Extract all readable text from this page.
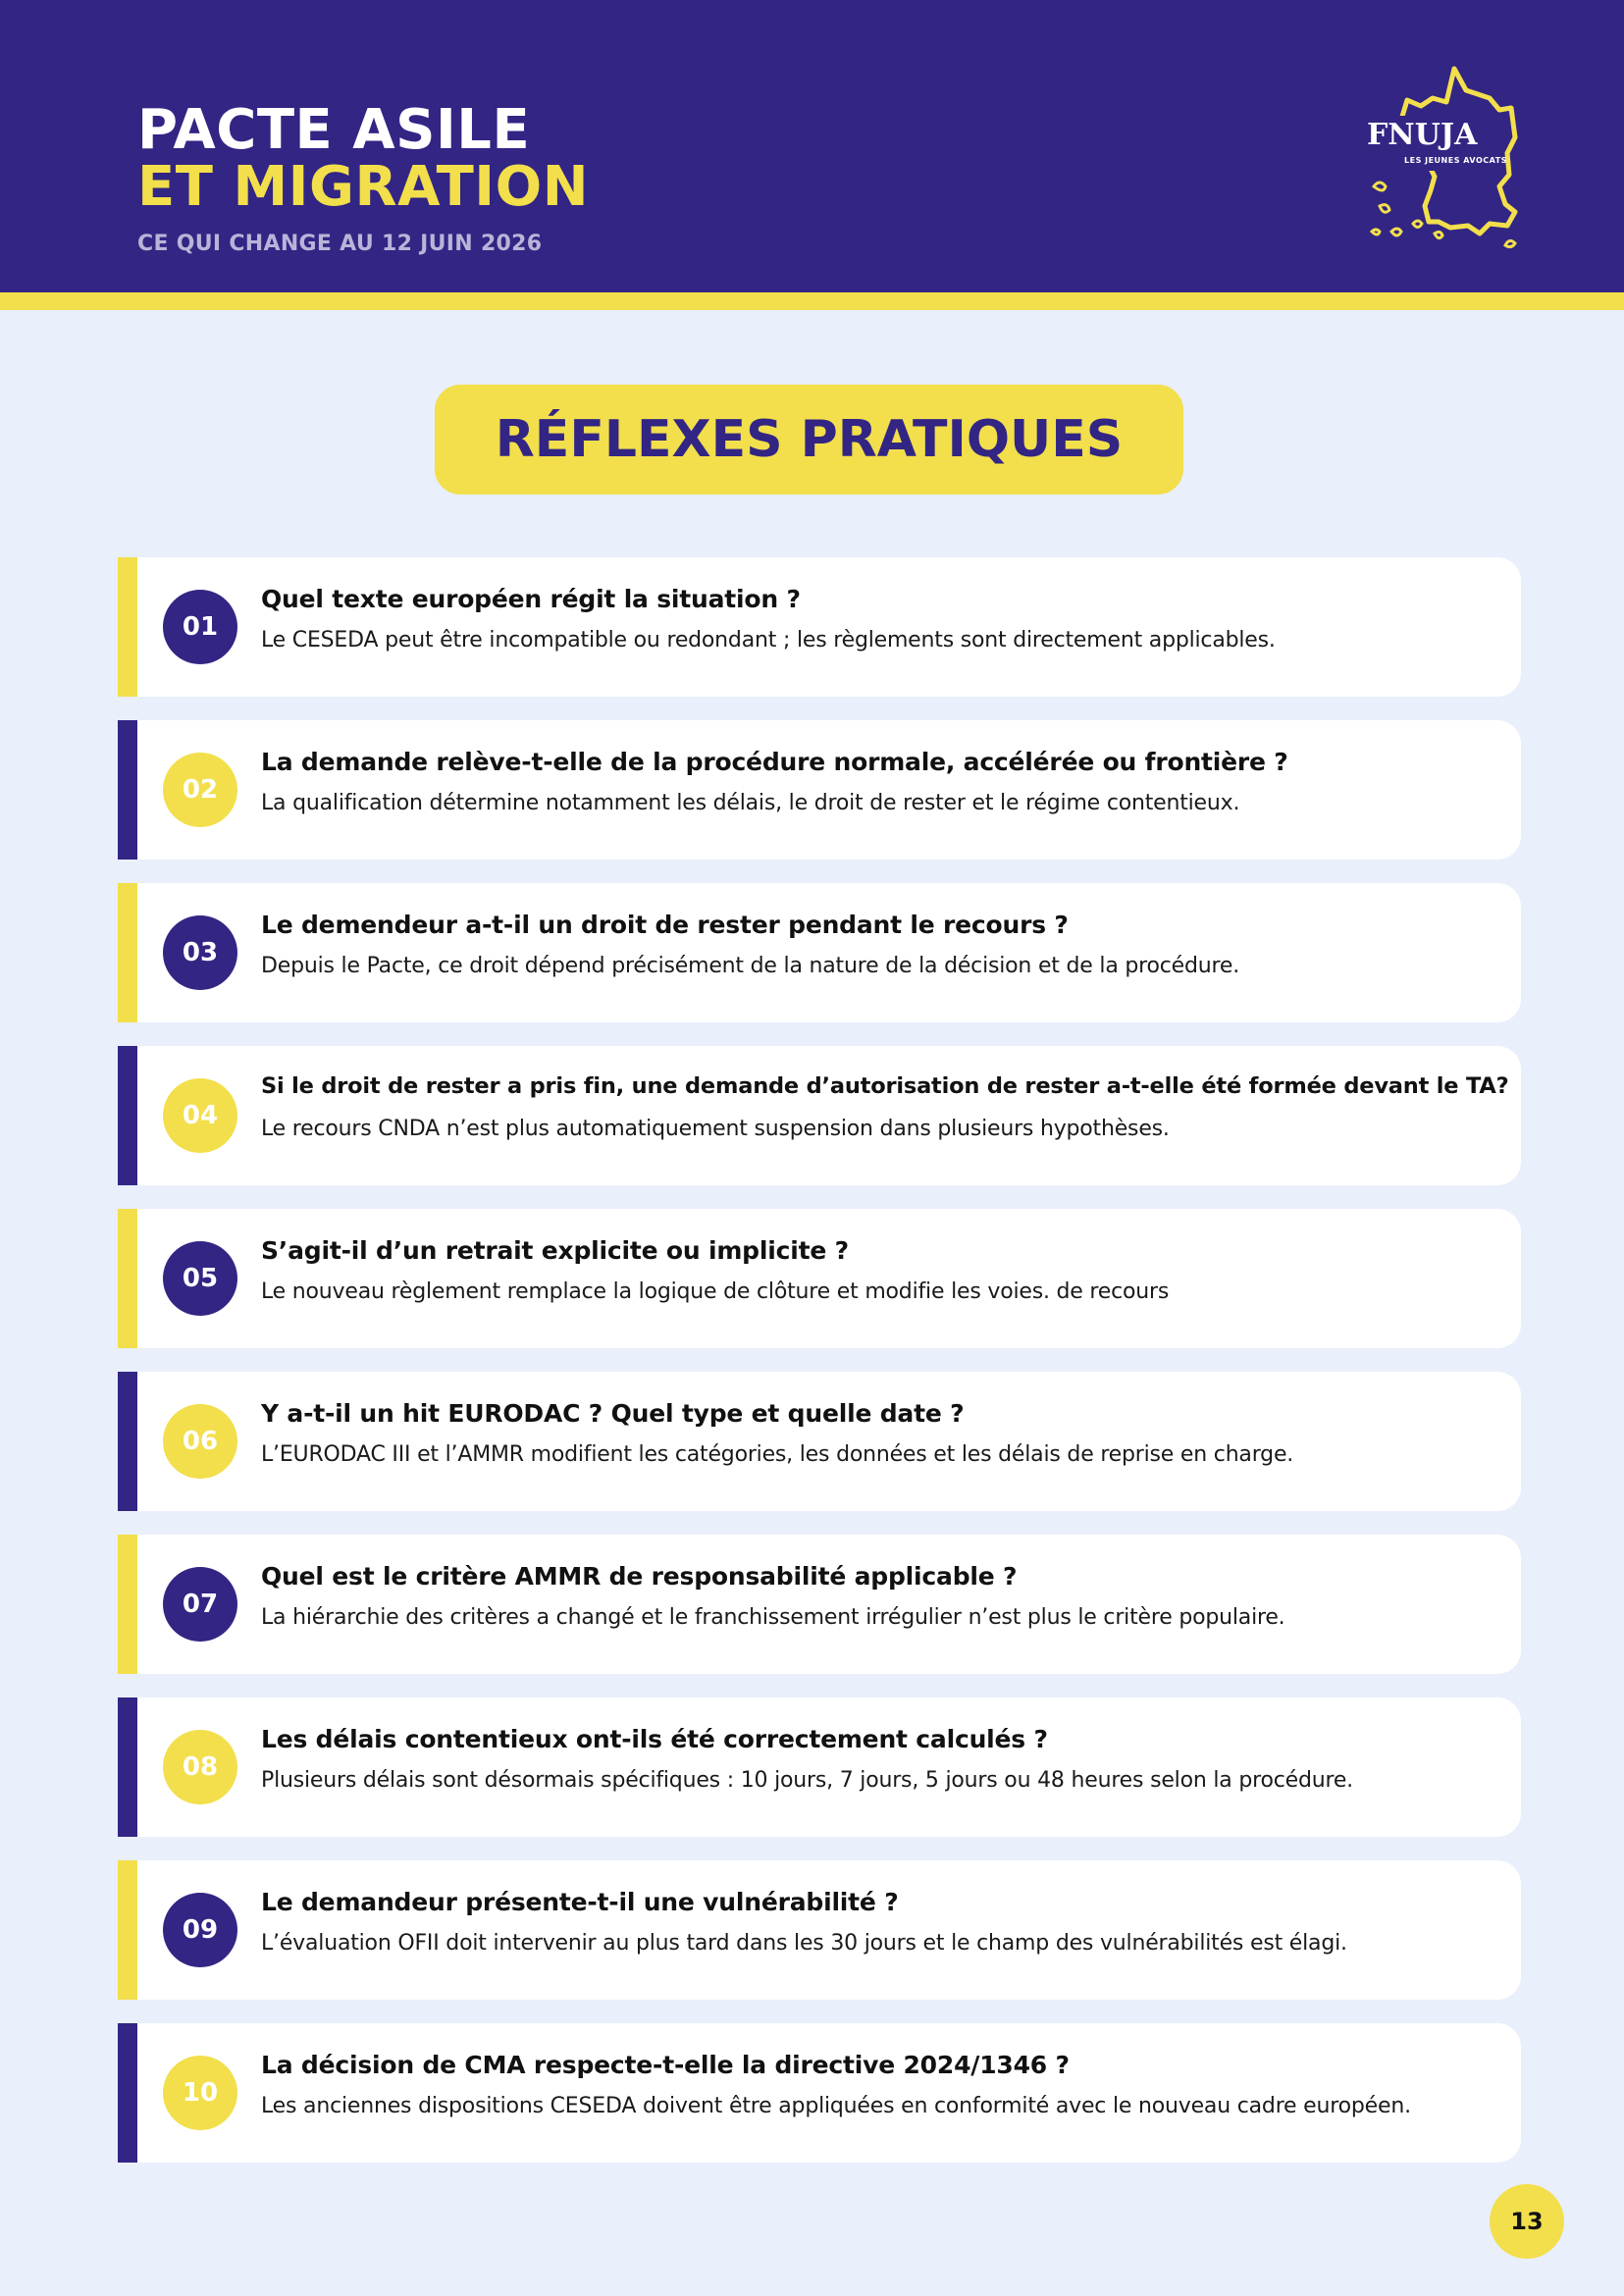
PACTE ASILE
ET MIGRATION
CE QUI CHANGE AU 12 JUIN 2026
FNUJA
LES JEUNES AVOCATS
RÉFLEXES PRATIQUES
01
Quel texte européen régit la situation ?
Le CESEDA peut être incompatible ou redondant ; les règlements sont directement applicables.
02
La demande relève-t-elle de la procédure normale, accélérée ou frontière ?
La qualification détermine notamment les délais, le droit de rester et le régime contentieux.
03
Le demendeur a-t-il un droit de rester pendant le recours ?
Depuis le Pacte, ce droit dépend précisément de la nature de la décision et de la procédure.
04
Si le droit de rester a pris fin, une demande d’autorisation de rester a-t-elle été formée devant le TA?
Le recours CNDA n’est plus automatiquement suspension dans plusieurs hypothèses.
05
S’agit-il d’un retrait explicite ou implicite ?
Le nouveau règlement remplace la logique de clôture et modifie les voies. de recours
06
Y a-t-il un hit EURODAC ? Quel type et quelle date ?
L’EURODAC III et l’AMMR modifient les catégories, les données et les délais de reprise en charge.
07
Quel est le critère AMMR de responsabilité applicable ?
La hiérarchie des critères a changé et le franchissement irrégulier n’est plus le critère populaire.
08
Les délais contentieux ont-ils été correctement calculés ?
Plusieurs délais sont désormais spécifiques : 10 jours, 7 jours, 5 jours ou 48 heures selon la procédure.
09
Le demandeur présente-t-il une vulnérabilité ?
L’évaluation OFII doit intervenir au plus tard dans les 30 jours et le champ des vulnérabilités est élagi.
10
La décision de CMA respecte-t-elle la directive 2024/1346 ?
Les anciennes dispositions CESEDA doivent être appliquées en conformité avec le nouveau cadre européen.
13
